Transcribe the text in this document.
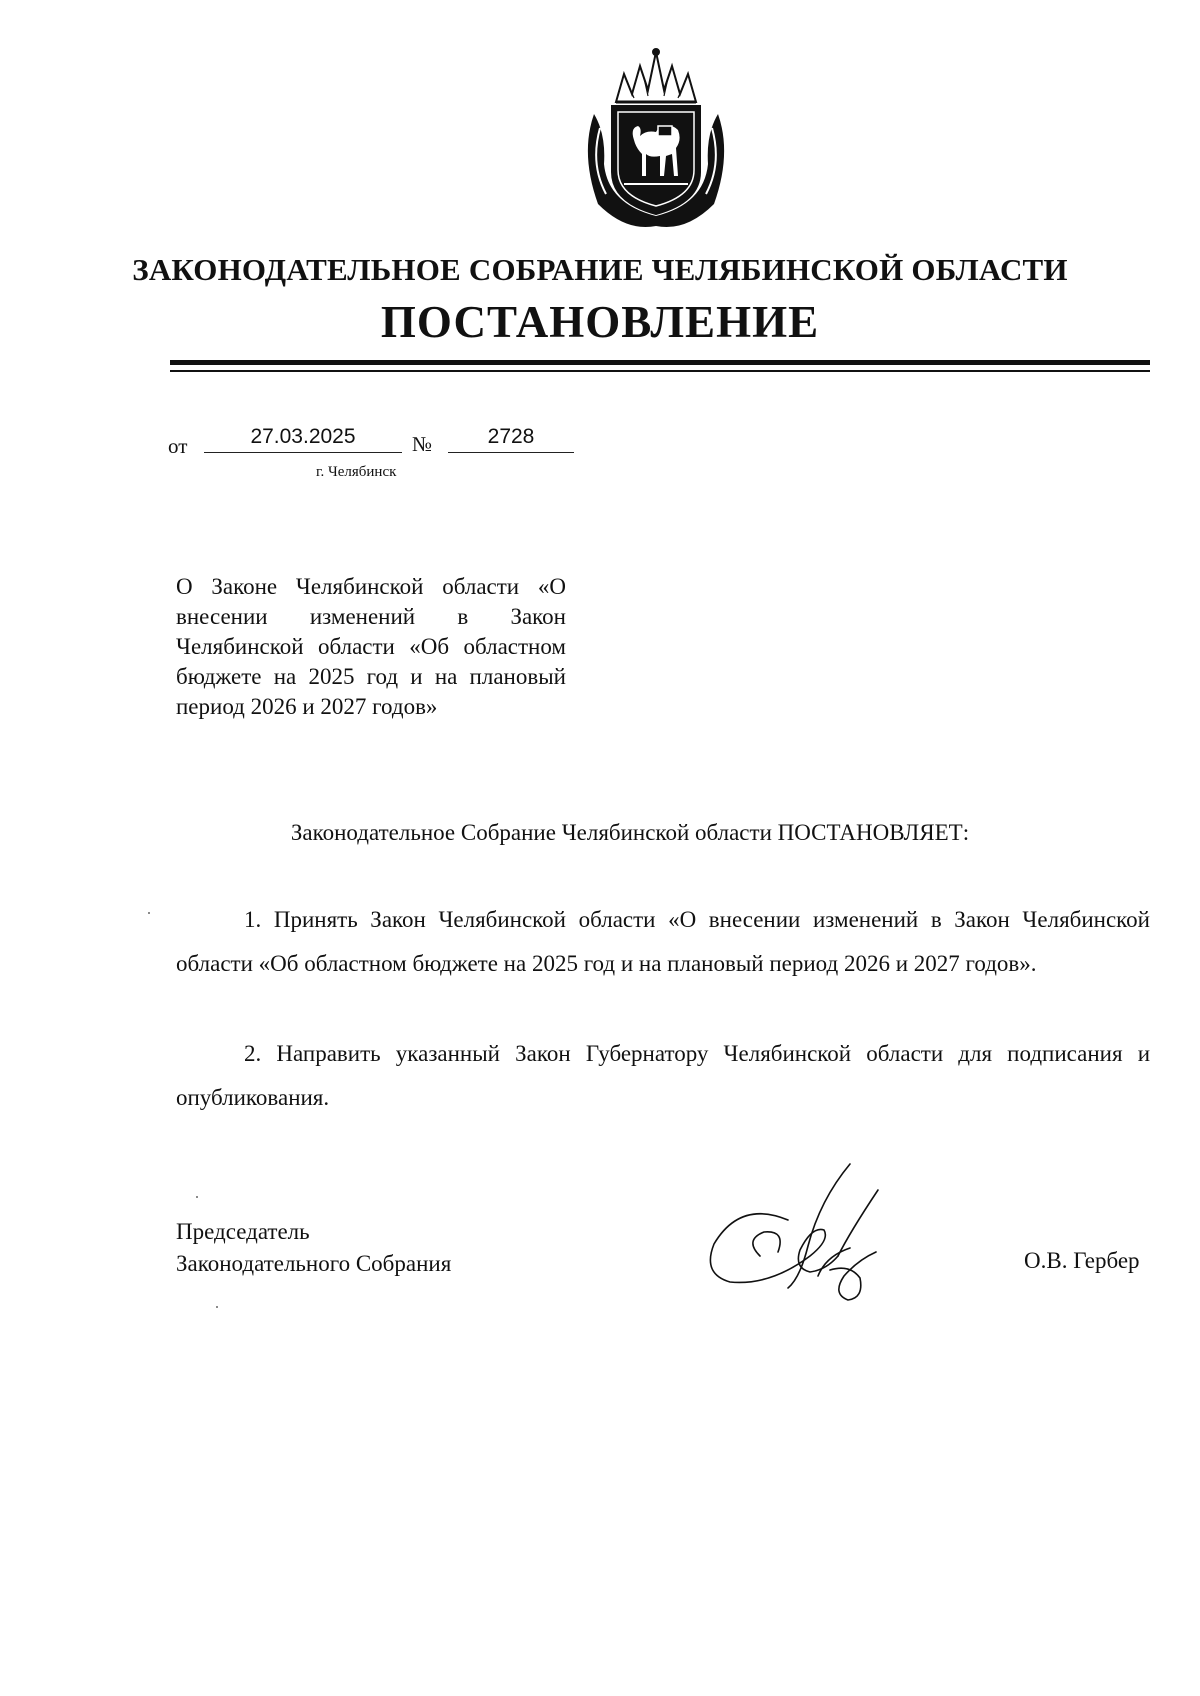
ЗАКОНОДАТЕЛЬНОЕ СОБРАНИЕ ЧЕЛЯБИНСКОЙ ОБЛАСТИ
ПОСТАНОВЛЕНИЕ
от	27.03.2025	№	2728
г. Челябинск
О Законе Челябинской области «О внесении изменений в Закон Челябинской области «Об областном бюджете на 2025 год и на плановый период 2026 и 2027 годов»
Законодательное Собрание Челябинской области ПОСТАНОВЛЯЕТ:

1. Принять Закон Челябинской области «О внесении изменений в Закон Челябинской области «Об областном бюджете на 2025 год и на плановый период 2026 и 2027 годов».

2. Направить указанный Закон Губернатору Челябинской области для подписания и опубликования.

Председатель
Законодательного Собрания	О.В. Гербер
